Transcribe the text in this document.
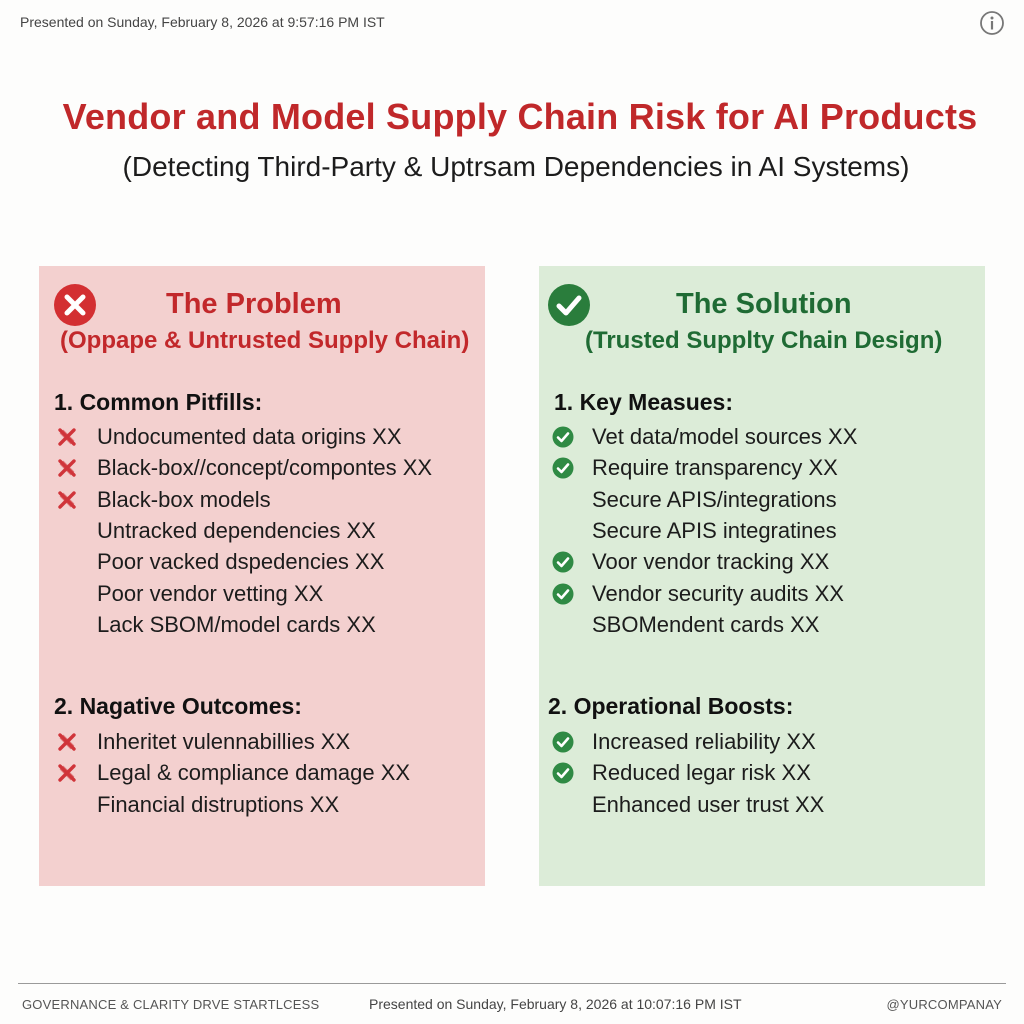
Presented on Sunday, February 8, 2026 at 9:57:16 PM IST
Vendor and Model Supply Chain Risk for AI Products
(Detecting Third-Party & Uptrsam Dependencies in AI Systems)
The Problem
(Oppape & Untrusted Supply Chain)
1. Common Pitfills:
Undocumented data origins XX
Black-box//concept/compontes XX
Black-box models
Untracked dependencies XX
Poor vacked dspedencies XX
Poor vendor vetting XX
Lack SBOM/model cards XX
2. Nagative Outcomes:
Inheritet vulennabillies XX
Legal & compliance damage XX
Financial distruptions XX
The Solution
(Trusted Suppl​ty Chain Design)
1. Key Measues:
Vet data/model sources XX
Require transparency XX
Secure APIS/integrations
Secure APIS integratines
Voor vendor tracking XX
Vendor security audits XX
SBOMendent cards XX
2. Operational Boosts:
Increased reliability XX
Reduced legar risk XX
Enhanced user trust XX
GOVERNANCE & CLARITY DRVE STARTLCESS	Presented on Sunday, February 8, 2026 at 10:07:16 PM IST	@YURCOMPANAY
